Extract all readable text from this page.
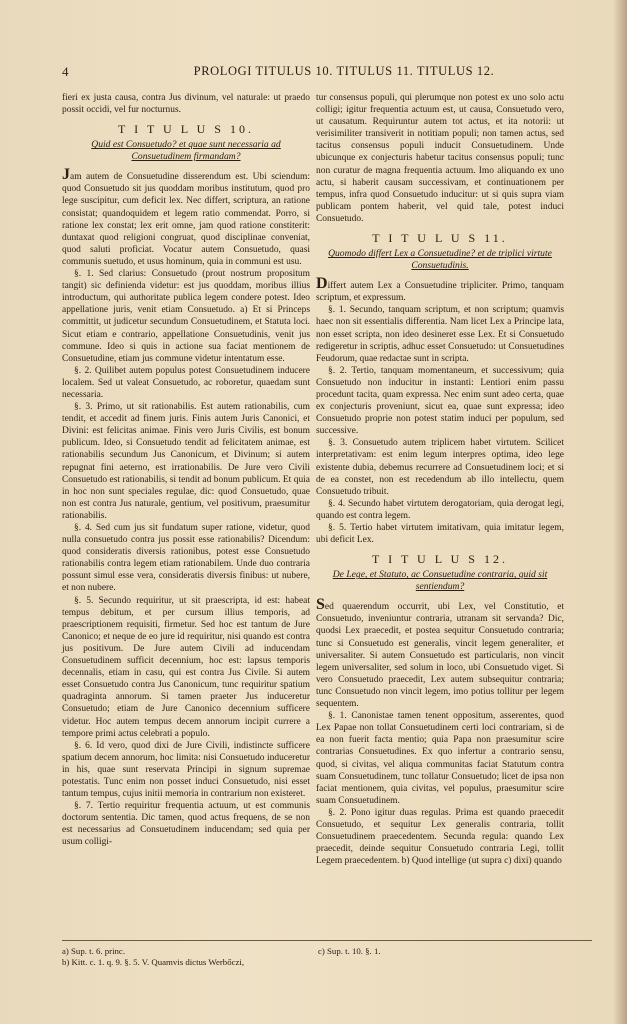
4	PROLOGI TITULUS 10. TITULUS 11. TITULUS 12.

fieri ex justa causa, contra Jus divinum, vel naturale: ut praedo possit occidi, vel fur nocturnus.

T I T U L U S 10.
Quid est Consuetudo? et quae sunt necessaria ad Consuetudinem firmandam?

Jam autem de Consuetudine disserendum est. Ubi sciendum: quod Consuetudo sit jus quoddam moribus institutum, quod pro lege suscipitur, cum deficit lex. Nec differt, scriptura, an ratione consistat; quandoquidem et legem ratio commendat. Porro, si ratione lex constat; lex erit omne, jam quod ratione constiterit: duntaxat quod religioni congruat, quod disciplinae conveniat, quod saluti proficiat. Vocatur autem Consuetudo, quasi communis suetudo, et usus hominum, quia in communi est usu.

§. 1. Sed clarius: Consuetudo (prout nostrum propositum tangit) sic definienda videtur: est jus quoddam, moribus illius introductum, qui authoritate publica legem condere potest. Ideo appellatione juris, venit etiam Consuetudo. a) Et si Princeps committit, ut judicetur secundum Consuetudinem, et Statuta loci. Sicut etiam e contrario, appellatione Consuetudinis, venit jus commune. Ideo si quis in actione sua faciat mentionem de Consuetudine, etiam jus commune videtur intentatum esse.

§. 2. Quilibet autem populus potest Consuetudinem inducere localem. Sed ut valeat Consuetudo, ac roboretur, quaedam sunt necessaria.

§. 3. Primo, ut sit rationabilis. Est autem rationabilis, cum tendit, et accedit ad finem juris. Finis autem Juris Canonici, et Divini: est felicitas animae. Finis vero Juris Civilis, est bonum publicum. Ideo, si Consuetudo tendit ad felicitatem animae, est rationabilis secundum Jus Canonicum, et Divinum; si autem repugnat fini aeterno, est irrationabilis. De Jure vero Civili Consuetudo est rationabilis, si tendit ad bonum publicum. Et quia in hoc non sunt speciales regulae, dic: quod Consuetudo, quae non est contra Jus naturale, gentium, vel positivum, praesumitur rationabilis.

§. 4. Sed cum jus sit fundatum super ratione, videtur, quod nulla consuetudo contra jus possit esse rationabilis? Dicendum: quod consideratis diversis rationibus, potest esse Consuetudo rationabilis contra legem etiam rationabilem. Unde duo contraria possunt simul esse vera, consideratis diversis finibus: ut nubere, et non nubere.

§. 5. Secundo requiritur, ut sit praescripta, id est: habeat tempus debitum, et per cursum illius temporis, ad praescriptionem requisiti, firmetur. Sed hoc est tantum de Jure Canonico; et neque de eo jure id requiritur, nisi quando est contra jus positivum. De Jure autem Civili ad inducendam Consuetudinem sufficit decennium, hoc est: lapsus temporis decennalis, etiam in casu, qui est contra Jus Civile. Si autem esset Consuetudo contra Jus Canonicum, tunc requiritur spatium quadraginta annorum. Si tamen praeter Jus induceretur Consuetudo; etiam de Jure Canonico decennium sufficere videtur. Hoc autem tempus decem annorum incipit currere a tempore primi actus celebrati a populo.

§. 6. Id vero, quod dixi de Jure Civili, indistincte sufficere spatium decem annorum, hoc limita: nisi Consuetudo induceretur in his, quae sunt reservata Principi in signum supremae potestatis. Tunc enim non posset induci Consuetudo, nisi esset tantum tempus, cujus initii memoria in contrarium non existeret.

§. 7. Tertio requiritur frequentia actuum, ut est communis doctorum sententia. Dic tamen, quod actus frequens, de se non est necessarius ad Consuetudinem inducendam; sed quia per usum colligi-

tur consensus populi, qui plerumque non potest ex uno solo actu colligi; igitur frequentia actuum est, ut causa, Consuetudo vero, ut causatum. Requiruntur autem tot actus, et ita notorii: ut verisimiliter transiverit in notitiam populi; non tamen actus, sed tacitus consensus populi inducit Consuetudinem. Unde ubicunque ex conjecturis habetur tacitus consensus populi; tunc non curatur de magna frequentia actuum. Imo aliquando ex uno actu, si haberit causam successivam, et continuationem per tempus, infra quod Consuetudo inducitur: ut si quis supra viam publicam pontem haberit, vel quid tale, potest induci Consuetudo.

T I T U L U S 11.
Quomodo differt Lex a Consuetudine? et de triplici virtute Consuetudinis.

Differt autem Lex a Consuetudine tripliciter. Primo, tanquam scriptum, et expressum.

§. 1. Secundo, tanquam scriptum, et non scriptum; quamvis haec non sit essentialis differentia. Nam licet Lex a Principe lata, non esset scripta, non ideo desineret esse Lex. Et si Consuetudo redigeretur in scriptis, adhuc esset Consuetudo: ut Consuetudines Feudorum, quae redactae sunt in scripta.

§. 2. Tertio, tanquam momentaneum, et successivum; quia Consuetudo non inducitur in instanti: Lentiori enim passu procedunt tacita, quam expressa. Nec enim sunt adeo certa, quae ex conjecturis proveniunt, sicut ea, quae sunt expressa; ideo Consuetudo proprie non potest statim induci per populum, sed successive.

§. 3. Consuetudo autem triplicem habet virtutem. Scilicet interpretativam: est enim legum interpres optima, ideo lege existente dubia, debemus recurrere ad Consuetudinem loci; et si de ea constet, non est recedendum ab illo intellectu, quem Consuetudo tribuit.

§. 4. Secundo habet virtutem derogatoriam, quia derogat legi, quando est contra legem.

§. 5. Tertio habet virtutem imitativam, quia imitatur legem, ubi deficit Lex.

T I T U L U S 12.
De Lege, et Statuto, ac Consuetudine contraria, quid sit sentiendum?

Sed quaerendum occurrit, ubi Lex, vel Constitutio, et Consuetudo, inveniuntur contraria, utranam sit servanda? Dic, quodsi Lex praecedit, et postea sequitur Consuetudo contraria; tunc si Consuetudo est generalis, vincit legem generaliter, et universaliter. Si autem Consuetudo est particularis, non vincit legem universaliter, sed solum in loco, ubi Consuetudo viget. Si vero Consuetudo praecedit, Lex autem subsequitur contraria; tunc Consuetudo non vincit legem, imo potius tollitur per legem sequentem.

§. 1. Canonistae tamen tenent oppositum, asserentes, quod Lex Papae non tollat Consuetudinem certi loci contrariam, si de ea non fuerit facta mentio; quia Papa non praesumitur scire contrarias Consuetudines. Ex quo infertur a contrario sensu, quod, si civitas, vel aliqua communitas faciat Statutum contra suam Consuetudinem, tunc tollatur Consuetudo; licet de ipsa non faciat mentionem, quia civitas, vel populus, praesumitur scire suam Consuetudinem.

§. 2. Pono igitur duas regulas. Prima est quando praecedit Consuetudo, et sequitur Lex generalis contraria, tollit Consuetudinem praecedentem. Secunda regula: quando Lex praecedit, deinde sequitur Consuetudo contraria Legi, tollit Legem praecedentem. b) Quod intellige (ut supra c) dixi) quando

a) Sup. t. 6. princ.
b) Kitt. c. 1. q. 9. §. 5. V. Quamvis dictus Werbőczi,
c) Sup. t. 10. §. 1.
